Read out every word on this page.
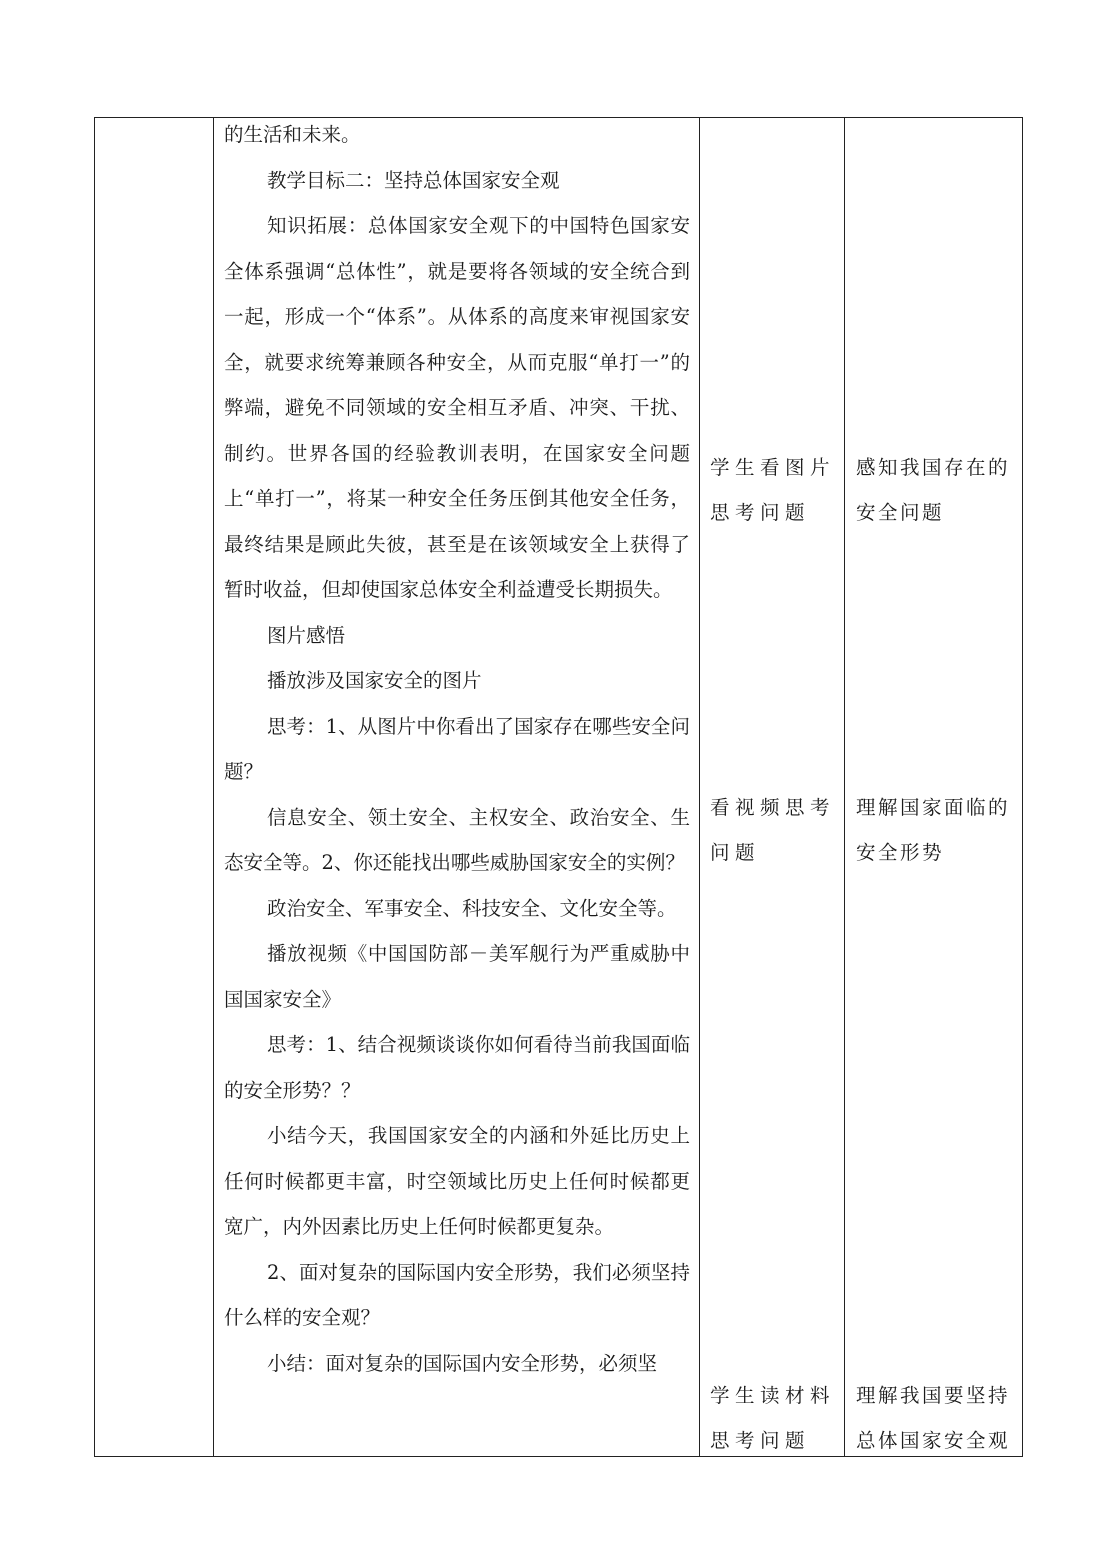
的生活和未来。

教学目标二：坚持总体国家安全观

知识拓展：总体国家安全观下的中国特色国家安全体系强调“总体性”，就是要将各领域的安全统合到一起，形成一个“体系”。从体系的高度来审视国家安全，就要求统筹兼顾各种安全，从而克服“单打一”的弊端，避免不同领域的安全相互矛盾、冲突、干扰、制约。世界各国的经验教训表明，在国家安全问题上“单打一”，将某一种安全任务压倒其他安全任务，最终结果是顾此失彼，甚至是在该领域安全上获得了暂时收益，但却使国家总体安全利益遭受长期损失。

图片感悟

播放涉及国家安全的图片

思考：1、从图片中你看出了国家存在哪些安全问题？

信息安全、领土安全、主权安全、政治安全、生态安全等。2、你还能找出哪些威胁国家安全的实例？

政治安全、军事安全、科技安全、文化安全等。

播放视频《中国国防部－美军舰行为严重威胁中国国家安全》

思考：1、结合视频谈谈你如何看待当前我国面临的安全形势？？

小结今天，我国国家安全的内涵和外延比历史上任何时候都更丰富，时空领域比历史上任何时候都更宽广，内外因素比历史上任何时候都更复杂。

2、面对复杂的国际国内安全形势，我们必须坚持什么样的安全观？

小结：面对复杂的国际国内安全形势，必须坚

学生看图片思考问题
看视频思考问题
学生读材料思考问题
感知我国存在的安全问题
理解国家面临的安全形势
理解我国要坚持总体国家安全观
